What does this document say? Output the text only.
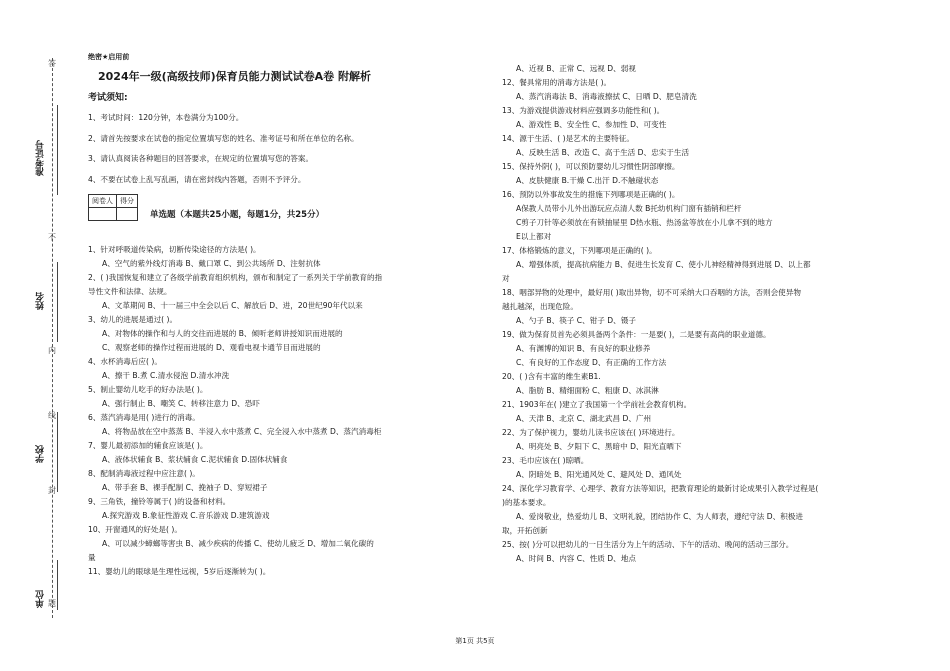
答
准考证号
姓名
学校
单位
不
内
线
封
题
绝密★启用前
2024年一级(高级技师)保育员能力测试试卷A卷 附解析
考试须知:
1、考试时间：120分钟，本卷满分为100分。
2、请首先按要求在试卷的指定位置填写您的姓名、准考证号和所在单位的名称。
3、请认真阅读各种题目的回答要求，在规定的位置填写您的答案。
4、不要在试卷上乱写乱画，请在密封线内答题，否则不予评分。
阅卷人	得分

单选题（本题共25小题，每题1分，共25分）
1、针对呼吸道传染病，切断传染途径的方法是( )。
A、空气的紫外线灯消毒 B、戴口罩 C、到公共场所 D、注射抗体
2、( )我国恢复和建立了各级学前教育组织机构，颁布和制定了一系列关于学前教育的指
导性文件和法律、法规。
A、文革期间 B、十一届三中全会以后 C、解放后 D、进，20世纪90年代以来
3、幼儿的进展是通过( )。
A、对物体的操作和与人的交往而进展的 B、倾听老师讲授知识而进展的
C、观察老师的操作过程而进展的 D、观看电视卡通节目而进展的
4、水杯消毒后应( )。
A、擦干 B.煮 C.清水侵泡 D.清水冲洗
5、制止婴幼儿吃手的好办法是( )。
A、强行制止 B、嘲笑 C、转移注意力 D、恐吓
6、蒸汽消毒是用( )进行的消毒。
A、将物品放在空中蒸蒸 B、半浸入水中蒸煮 C、完全浸入水中蒸煮 D、蒸汽消毒柜
7、婴儿最初添加的辅食应该是( )。
A、液体状辅食 B、浆状辅食 C.泥状辅食 D.固体状辅食
8、配制消毒液过程中应注意( )。
A、带手套 B、裸手配制 C、挽袖子 D、穿短裙子
9、三角铁，撞铃等属于( )的设备和材料。
A.探究游戏 B.象征性游戏 C.音乐游戏 D.建筑游戏
10、开窗通风的好处是( )。
A、可以减少蟑螂等害虫 B、减少疾病的传播 C、使幼儿疲乏 D、增加二氧化碳的
量
11、婴幼儿的眼球是生理性远视，5岁后逐渐转为( )。
A、近视 B、正常 C、远视 D、弱视
12、餐具常用的消毒方法是( )。
A、蒸汽消毒法 B、消毒液擦拭 C、日晒 D、肥皂清洗
13、为游戏提供游戏材料应强调多功能性和( )。
A、游戏性 B、安全性 C、参加性 D、可变性
14、源于生活、( )是艺术的主要特征。
A、反映生活 B、改造 C、高于生活 D、忠实于生活
15、保持外阴( )，可以预防婴幼儿习惯性阴部摩擦。
A、皮肤健康 B.干燥 C.出汗 D.不触碰状态
16、预防以外事故发生的措施下列哪项是正确的( )。
A保教人员带小儿外出游玩应点清人数 B托幼机构门窗有插销和栏杆
C剪子刀针等必须放在有锁抽屉里 D热水瓶、热汤盆等放在小儿拿不到的地方
E以上都对
17、体格锻炼的意义，下列哪项是正确的( )。
A、增强体质，提高抗病能力 B、促进生长发育 C、使小儿神经精神得到进展 D、以上都
对
18、咽部异物的处理中，最好用( )取出异物，切不可采纳大口吞咽的方法，否则会使异物
越扎越深，出现危险。
A、勺子 B、筷子 C、钳子 D、镊子
19、做为保育员首先必须具备两个条件：一是要( )，二是要有高尚的职业道德。
A、有渊博的知识 B、有良好的职业修养
C、有良好的工作态度 D、有正确的工作方法
20、( )含有丰富的维生素B1.
A、脂肪 B、精细面粉 C、粗康 D、冰淇淋
21、1903年在( )建立了我国第一个学前社会教育机构。
A、天津 B、北京 C、湖北武昌 D、广州
22、为了保护视力，婴幼儿读书应该在( )环境进行。
A、明亮处 B、夕阳下 C、黑暗中 D、阳光直晒下
23、毛巾应该在( )晾晒。
A、阴暗处 B、阳光通风处 C、避风处 D、通风处
24、深化学习教育学、心理学、教育方法等知识，把教育理论的最新讨论成果引入教学过程是(
)的基本要求。
A、爱岗敬业，热爱幼儿 B、文明礼貌，团结协作 C、为人师表，遵纪守法 D、积极进
取，开拓创新
25、按( )分可以把幼儿的一日生活分为上午的活动、下午的活动、晚间的活动三部分。
A、时间 B、内容 C、性质 D、地点
第1页 共5页
